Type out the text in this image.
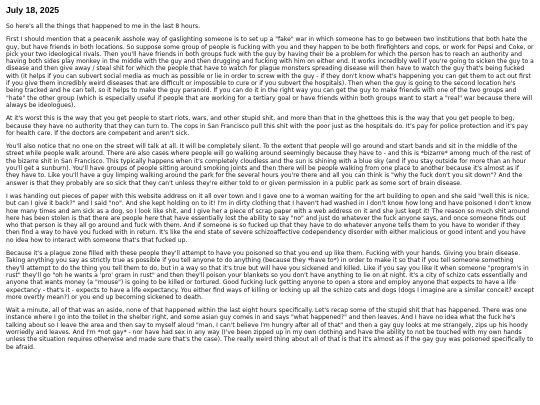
July 18, 2025

So here's all the things that happened to me in the last 8 hours.

First I should mention that a peacenik asshole way of gaslighting someone is to set up a "fake" war in which someone has to go between two institutions that both hate the guy, but have friends in both locations. So suppose some group of people is fucking with you and they happen to be both firefighters and cops, or work for Pepsi and Coke, or pick your two ideological rivals. Then you'll have friends in both groups fuck with the guy by having their be a problem for which the person has to reach an authority and having both sides play monkey in the middle with the guy and then drugging and fucking with him on either end. It works incredibly well if you're going to sicken the guy to a disease and then give away / steal shit for which the people that have to watch for plague monsters spreading disease will then have to watch the guy that's being fucked with (it helps if you can subvert social media as much as possible or lie in order to screw with the guy - if they don't know what's happening you can get them to act out first if you give them incredibly weird diseases that are difficult or impossible to cure or if you subvert the hospitals). Then when the guy is going to the second location he's being tracked and he can tell, so it helps to make the guy paranoid. If you can do it in the right way you can get the guy to make friends with one of the two groups and "hate" the other group (which is especially useful if people that are working for a tertiary goal or have friends within both groups want to start a "real" war because there will always be ideologues).

At it's worst this is the way that you get people to start riots, wars, and other stupid shit, and more than that in the ghettoes this is the way that you get people to beg, because they have no authority that they can turn to. The cops in San Francisco pull this shit with the poor just as the hospitals do. It's pay for police protection and it's pay for health care. If the doctors are competent and aren't sick.

You'll also notice that no one on the street will talk at all. It will be completely silent. To the extent that people will go around and start bands and sit in the middle of the street while people walk around. There are also cases where people will go walking around seemingly because they have to - and this is *bizarre* among much of the rest of the bizarre shit in San Francisco. This typically happens when it's completely cloudless and the sun is shining with a blue sky (and if you stay outside for more than an hour you'll get a sunburn). You'll have groups of people sitting around smoking joints and then there will be people walking from one place to another because it's almost as if they have to. Like you'll have a guy limping walking around the park for the several hours you're there and all you can think is "why the fuck don't you sit down"? And the answer is that they probably are so sick that they can't unless they're either told to or given permission in a public park as some sort of brain disease.

I was handing out pieces of paper with this website address on it all over town and I gave one to a woman waiting for the art building to open and she said "well this is nice, but can I give it back?" and I said "no". And she kept holding on to it! I'm in dirty clothing that I haven't had washed in I don't know how long and have poisoned I don't know how many times and am sick as a dog, so I look like shit, and I give her a piece of scrap paper with a web address on it and she just kept it! The reason so much shit around here has been stolen is that there are people here that have essentially lost the ability to say "no" and just do whatever the fuck anyone says, and once someone finds out who that person is they all go around and fuck with them. And if someone is so fucked up that they have to do whatever anyone tells them to you have to wonder if they then find a way to have you fucked with in return. It's like the end state of severe schizoaffective codependency disorder with either malicious or good intent and you have no idea how to interact with someone that's that fucked up.

Because it's a plague zone filled with these people they'll attempt to have you poisoned so that you end up like them. Fucking with your hands. Giving you brain disease. Taking anything you say as strictly true as possible if you tell anyone to do anything (because they *have to*) in order to make it so that if you tell someone something they'll attempt to do the thing you tell them to do, but in a way so that it's true but will have you sickened and killed. Like if you say you like it when someone "program's in rust" they'll go "oh he wants a 'pro' gram in rust" and then they'll poison your blankets so you don't have anything to lie on at night. It's a city of schizo cats essentially and anyone that wants money (a "mouse") is going to be killed or tortured. Good fucking luck getting anyone to open a store and employ anyone that expects to have a life expectancy - that's it - expects to have a life expectancy. You either find ways of killing or locking up all the schizo cats and dogs (dogs I imagine are a similar conceit? except more overtly mean?) or you end up becoming sickened to death.

Wait a minute, all of that was an aside, none of that happened within the last eight hours specifically. Let's recap some of the stupid shit that has happened. There was one instance where I go into the toilet in the shelter right, and some asian guy comes in and says "what happened?" and then leaves. And I have no idea what the fuck he's talking about so I leave the area and then say to myself aloud "man, I can't believe I'm hungry after all of that" and then a gay guy looks at me strangely, zips up his hoody worriedly and leaves. And I'm *not gay* - nor have had sex in any way (I've been zipped up in my own clothing and have the ability to not be touched with my own hands unless the situation requires otherwise and made sure that's the case). The really weird thing about all of that is that it's almost as if the gay guy was poisoned specifically to be afraid.
